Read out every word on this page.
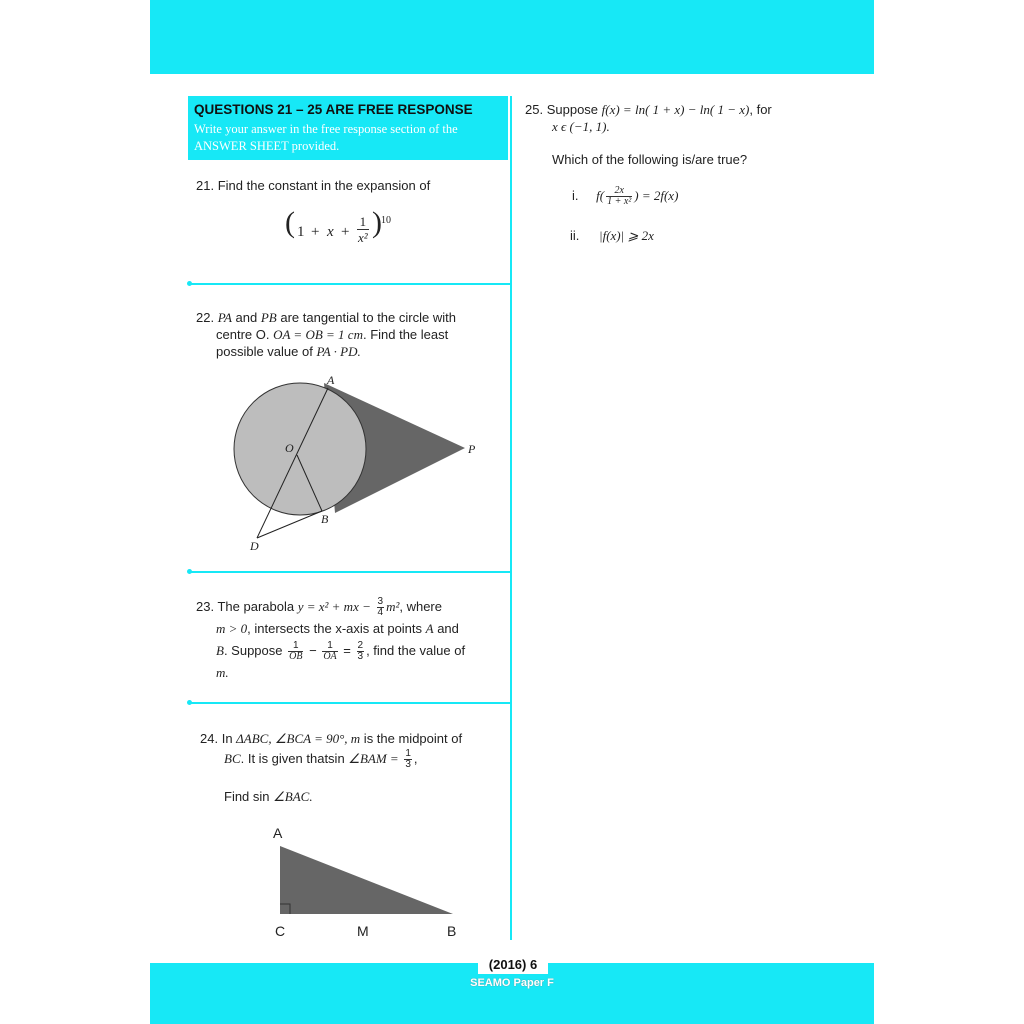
QUESTIONS 21 – 25 ARE FREE RESPONSE
Write your answer in the free response section of the ANSWER SHEET provided.
21. Find the constant in the expansion of
( $1 + x + \frac{1}{\text{x²}}$ ) 10
22. PA and PB are tangential to the circle with
centre O. OA = OB = 1 cm. Find the least
possible value of PA · PD.
A
O	P
B
D
23. The parabola y = x² + mx − $\frac{3}{4} m^2$, where
m > 0, intersects the x-axis at points A and
B. Suppose $\frac{1}{OB} - \frac{1}{OA} = \frac{2}{3}$ , find the value of
m.
24. In ΔABC, ∠BCA = 90°, m is the midpoint of
BC. It is given thatsin ∠BAM = $\frac{1}{3}$ ,
Find sin ∠BAC.
A
C	M	B
25. Suppose f(x) = ln( 1 + x) − ln( 1 − x), for
x ϵ (−1, 1).
Which of the following is/are true?
i. $f( \frac{2x}{\text{1 + x²}}$ ) = 2f(x)
ii. |f(x)| ⩾ 2x
(2016) 6
SEAMO Paper F
